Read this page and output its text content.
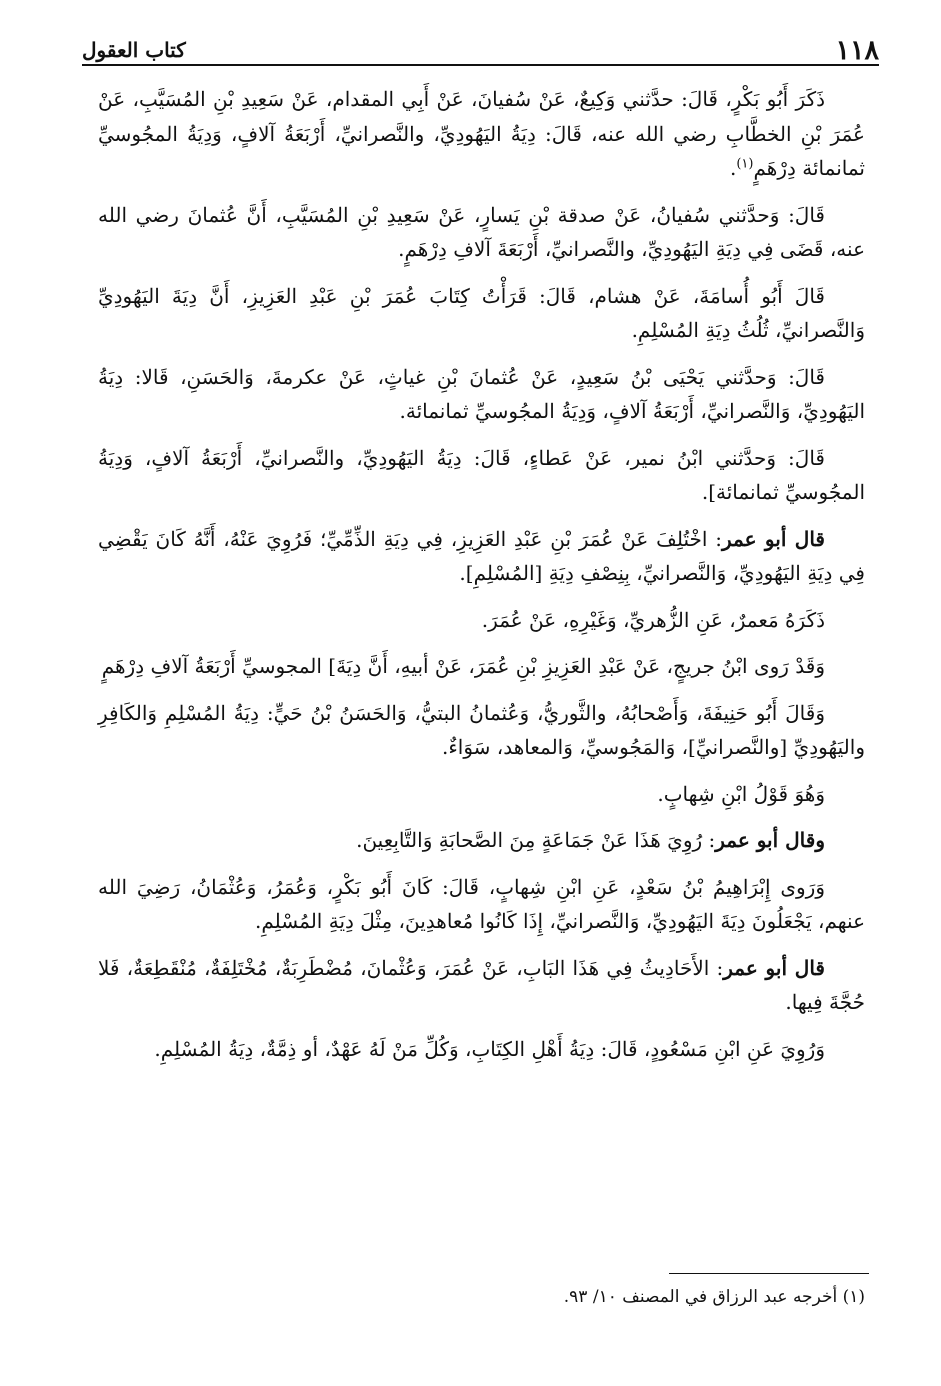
١١٨
كتاب العقول

ذَكَرَ أَبُو بَكْرٍ، قَالَ: حدَّثني وَكِيعٌ، عَنْ سُفيانَ، عَنْ أَبِي المقدام، عَنْ سَعِيدِ بْنِ المُسَيَّبِ، عَنْ عُمَرَ بْنِ الخطَّابِ رضي الله عنه، قَالَ: دِيَةُ اليَهُودِيِّ، والنَّصرانيِّ، أَرْبَعَةُ آلافٍ، وَدِيَةُ المجُوسيِّ ثمانمائة دِرْهَمٍ$^{(١)}$.

قَالَ: وَحدَّثني سُفيانُ، عَنْ صدقة بْنِ يَسارٍ، عَنْ سَعِيدِ بْنِ المُسَيَّبِ، أَنَّ عُثمانَ رضي الله عنه، قَضَى فِي دِيَةِ اليَهُودِيِّ، والنَّصرانيِّ، أَرْبَعَةَ آلافِ دِرْهَمٍ.

قَالَ أَبُو أُسامَةَ، عَنْ هشام، قَالَ: قَرَأْتُ كِتَابَ عُمَرَ بْنِ عَبْدِ العَزِيزِ، أَنَّ دِيَةَ اليَهُودِيِّ وَالنَّصرانيِّ، ثُلُثُ دِيَةِ المُسْلِمِ.

قَالَ: وَحدَّثني يَحْيَى بْنُ سَعِيدٍ، عَنْ عُثمانَ بْنِ غياثٍ، عَنْ عكرمةَ، وَالحَسَنِ، قَالا: دِيَةُ اليَهُودِيِّ، وَالنَّصرانيِّ، أَرْبَعَةُ آلافٍ، وَدِيَةُ المجُوسيِّ ثمانمائة.

قَالَ: وَحدَّثني ابْنُ نمير، عَنْ عَطاءٍ، قَالَ: دِيَةُ اليَهُودِيِّ، والنَّصرانيِّ، أَرْبَعَةُ آلافٍ، وَدِيَةُ المجُوسيِّ ثمانمائة].

قال أبو عمر: اخْتُلِفَ عَنْ عُمَرَ بْنِ عَبْدِ العَزِيزِ، فِي دِيَةِ الذِّمِّيِّ؛ فَرُوِيَ عَنْهُ، أَنَّهُ كَانَ يَقْضِي فِي دِيَةِ اليَهُودِيِّ، وَالنَّصرانيِّ، بِنِصْفِ دِيَةِ [المُسْلِمِ].

ذَكَرَهُ مَعمرٌ، عَنِ الزُّهريِّ، وَغَيْرِهِ، عَنْ عُمَرَ.

وَقَدْ رَوى ابْنُ جريجٍ، عَنْ عَبْدِ العَزِيزِ بْنِ عُمَرَ، عَنْ أبيهِ، أَنَّ دِيَةَ] المجوسيِّ أَرْبَعَةُ آلافِ دِرْهَمٍ

وَقَالَ أَبُو حَنِيفَةَ، وَأَصْحابُهُ، والثَّوريُّ، وَعُثمانُ البتيُّ، وَالحَسَنُ بْنُ حَيٍّ: دِيَةُ المُسْلِمِ وَالكَافِرِ واليَهُودِيِّ [والنَّصرانيِّ]، وَالمَجُوسيِّ، وَالمعاهد، سَوَاءٌ.

وَهُوَ قَوْلُ ابْنِ شِهابٍ.

وقال أبو عمر: رُوِيَ هَذَا عَنْ جَمَاعَةٍ مِنَ الصَّحابَةِ وَالتَّابِعِينَ.

وَرَوى إِبْرَاهِيمُ بْنُ سَعْدٍ، عَنِ ابْنِ شِهابٍ، قَالَ: كَانَ أَبُو بَكْرٍ، وَعُمَرُ، وَعُثْمَانُ، رَضِيَ الله عنهم، يَجْعَلُونَ دِيَةَ اليَهُودِيِّ، وَالنَّصرانيِّ، إِذَا كَانُوا مُعاهدِينَ، مِثْلَ دِيَةِ المُسْلِمِ.

قال أبو عمر: الأَحَادِيثُ فِي هَذَا البَابِ، عَنْ عُمَرَ، وَعُثْمانَ، مُضْطَرِبَةٌ، مُخْتَلِفَةٌ، مُنْقَطِعَةٌ، فَلا حُجَّةَ فِيها.

وَرُوِيَ عَنِ ابْنِ مَسْعُودٍ، قَالَ: دِيَةُ أَهْلِ الكِتَابِ، وَكُلِّ مَنْ لَهُ عَهْدٌ، أو ذِمَّةٌ، دِيَةُ المُسْلِمِ.

(١) أخرجه عبد الرزاق في المصنف ١٠/ ٩٣.
